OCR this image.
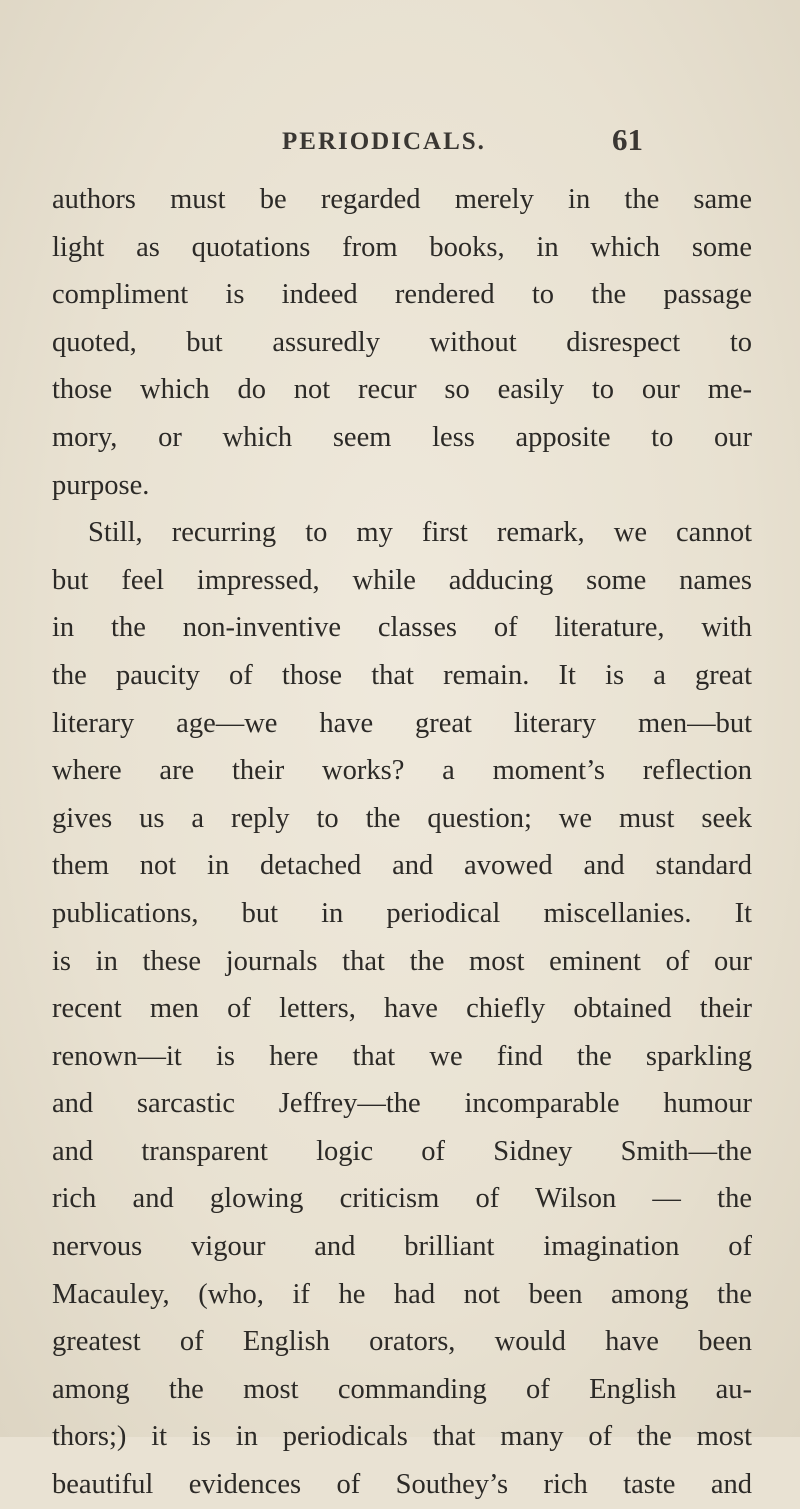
PERIODICALS.	61
authors must be regarded merely in the same
light as quotations from books, in which some
compliment is indeed rendered to the passage
quoted, but assuredly without disrespect to
those which do not recur so easily to our me-
mory, or which seem less apposite to our
purpose.
Still, recurring to my first remark, we cannot
but feel impressed, while adducing some names
in the non-inventive classes of literature, with
the paucity of those that remain. It is a great
literary age—we have great literary men—but
where are their works? a moment’s reflection
gives us a reply to the question; we must seek
them not in detached and avowed and standard
publications, but in periodical miscellanies. It
is in these journals that the most eminent of our
recent men of letters, have chiefly obtained their
renown—it is here that we find the sparkling
and sarcastic Jeffrey—the incomparable humour
and transparent logic of Sidney Smith—the
rich and glowing criticism of Wilson — the
nervous vigour and brilliant imagination of
Macauley, (who, if he had not been among the
greatest of English orators, would have been
among the most commanding of English au-
thors;) it is in periodicals that many of the most
beautiful evidences of Southey’s rich taste and
